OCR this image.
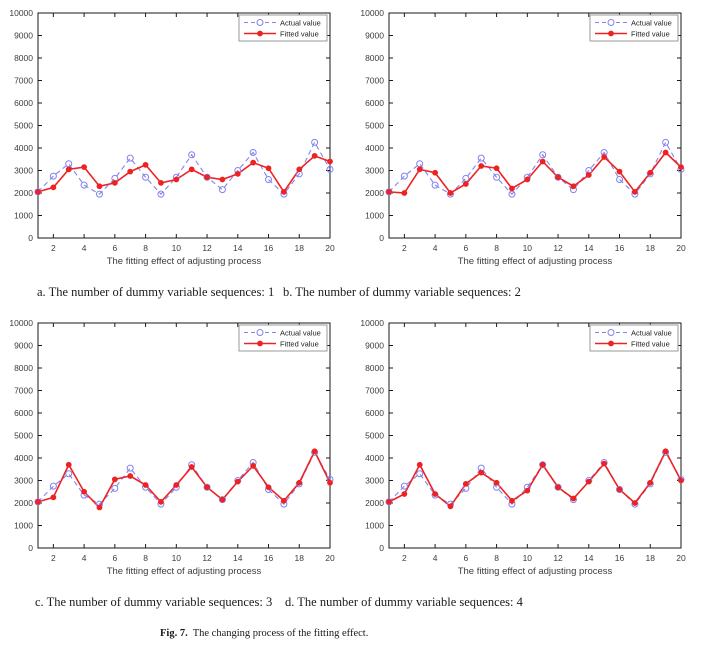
0
1000
2000
3000
4000
5000
6000
7000
8000
9000
10000
2	4	6	8	10	12	14	16	18	20
The fitting effect of adjusting process
Actual value
Fitted value
0
1000
2000
3000
4000
5000
6000
7000
8000
9000
10000
2	4	6	8	10	12	14	16	18	20
The fitting effect of adjusting process
Actual value
Fitted value
a. The number of dummy variable sequences: 1 b. The number of dummy variable sequences: 2
0
1000
2000
3000
4000
5000
6000
7000
8000
9000
10000
2	4	6	8	10	12	14	16	18	20
The fitting effect of adjusting process
Actual value
Fitted value
0
1000
2000
3000
4000
5000
6000
7000
8000
9000
10000
2	4	6	8	10	12	14	16	18	20
The fitting effect of adjusting process
Actual value
Fitted value
c. The number of dummy variable sequences: 3 d. The number of dummy variable sequences: 4
Fig. 7. The changing process of the fitting effect.
